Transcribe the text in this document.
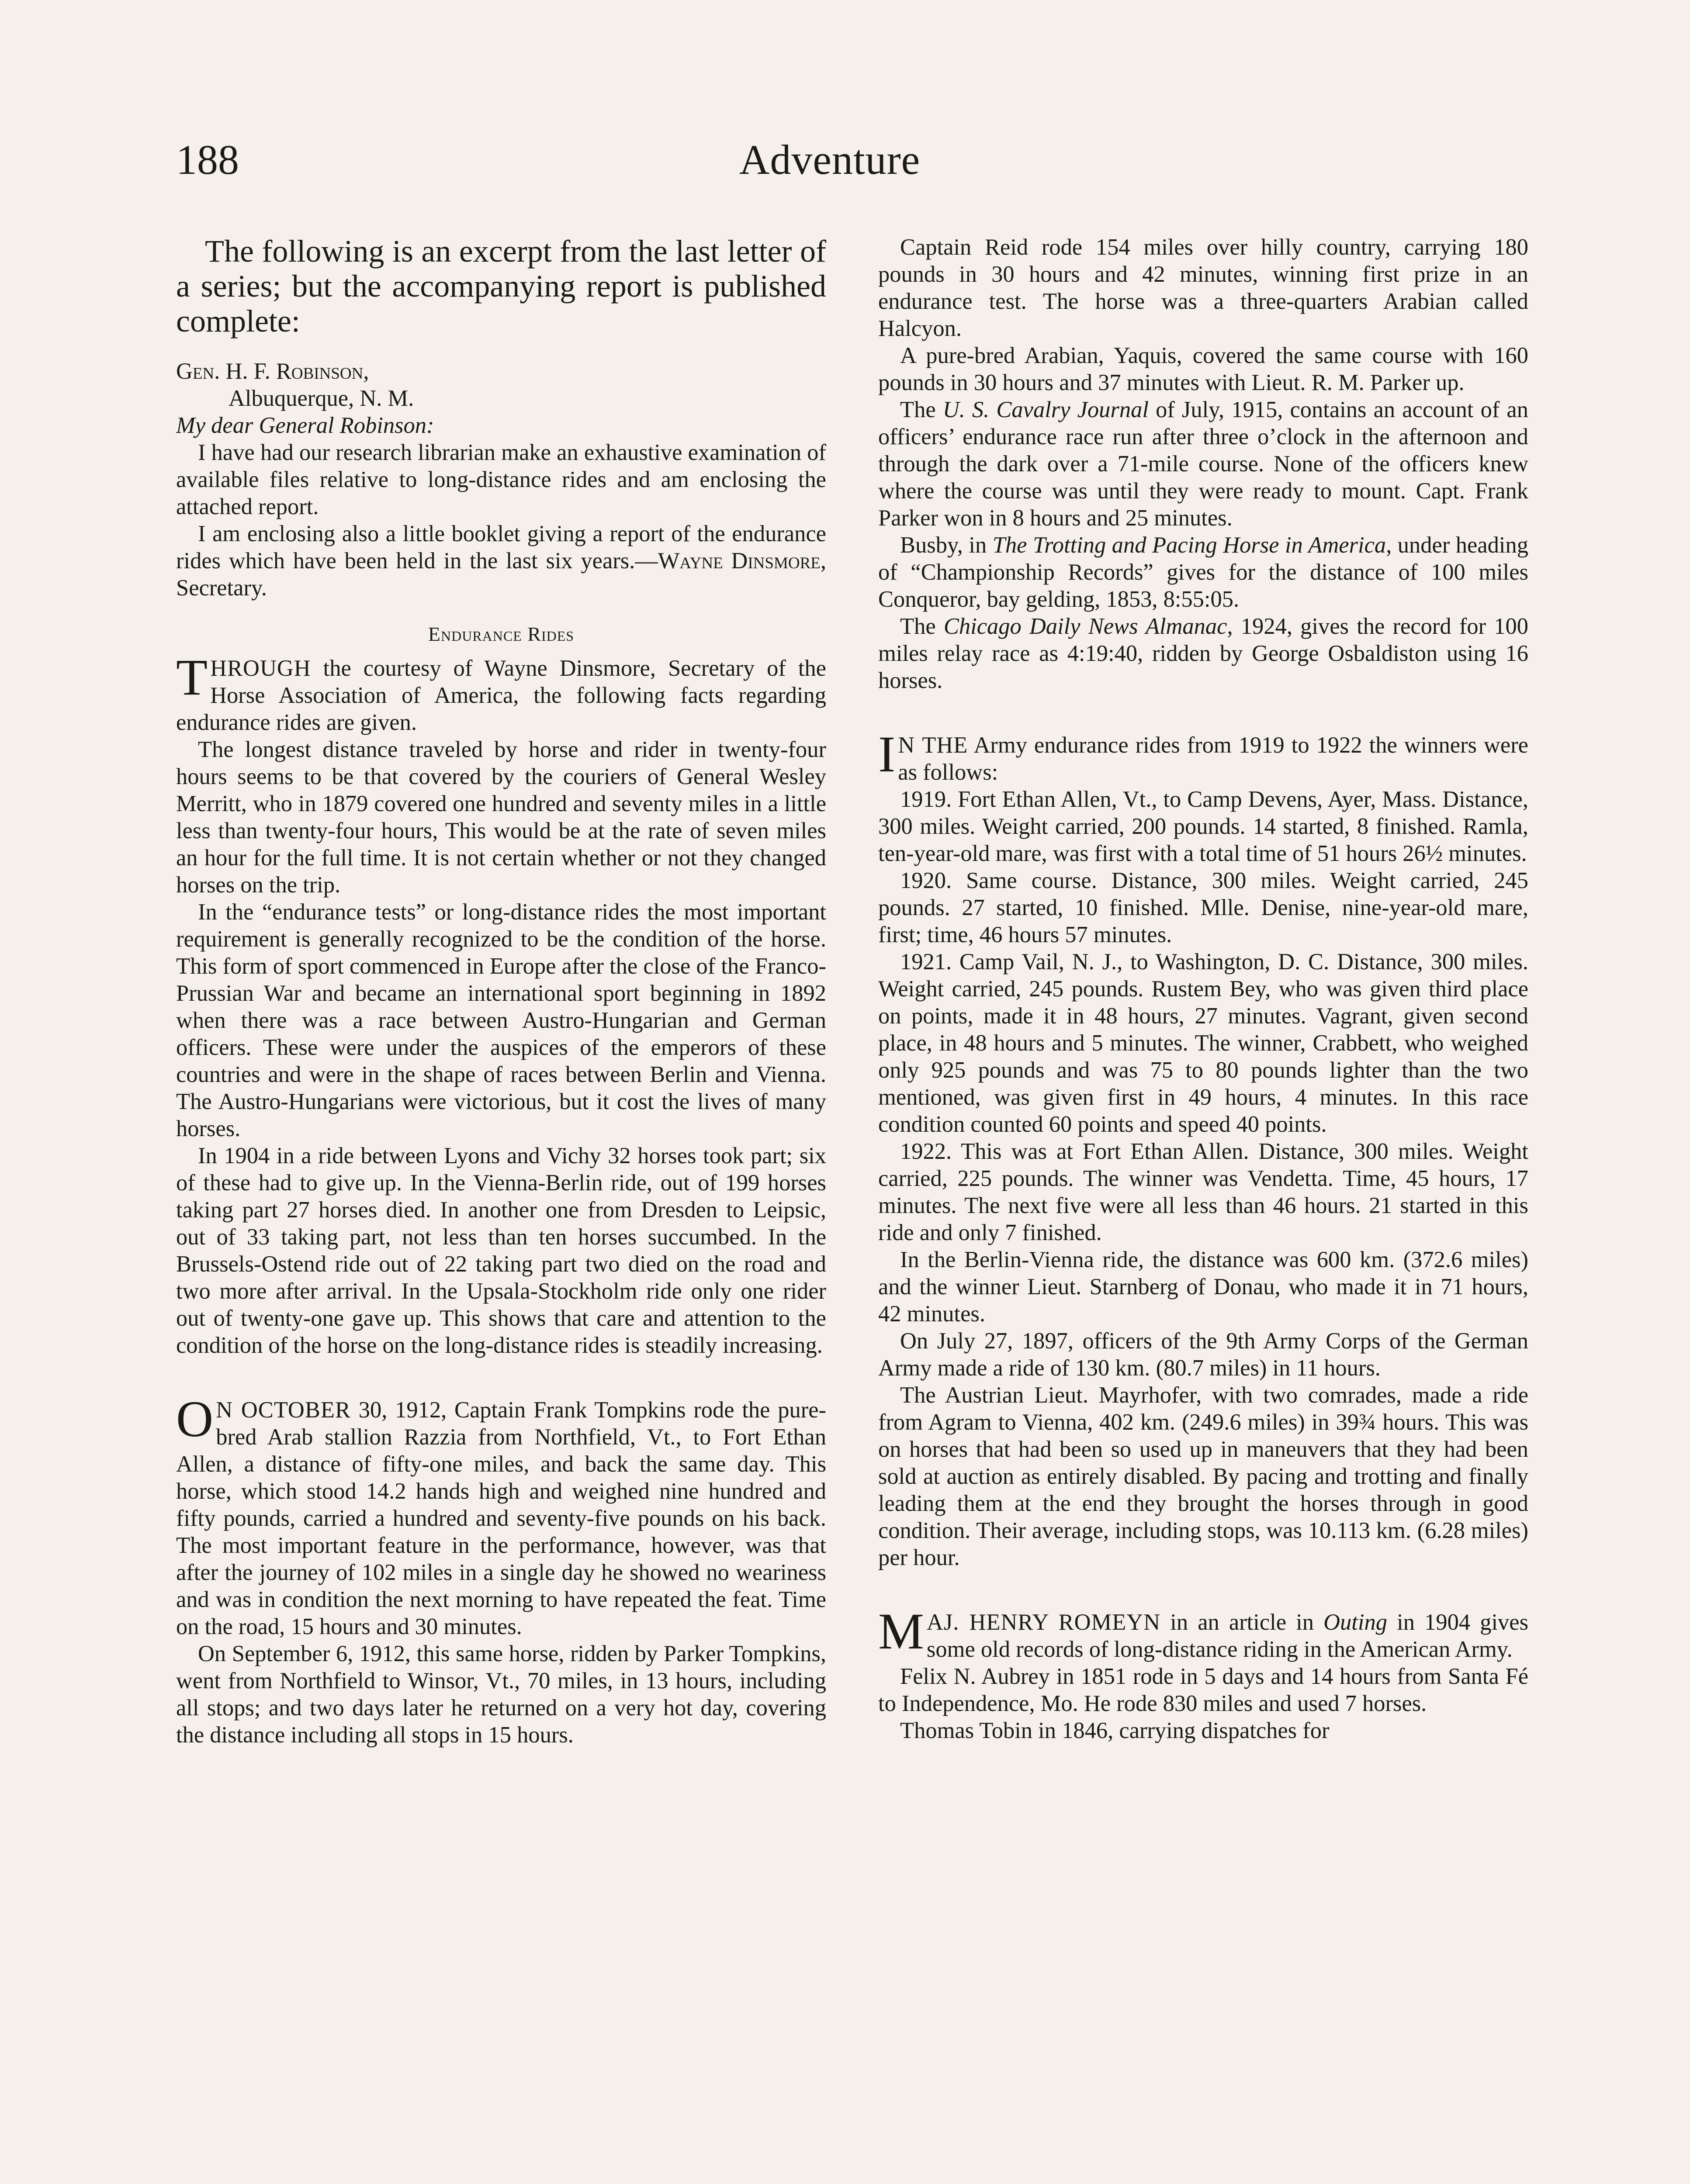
188	Adventure

The following is an excerpt from the last letter of a series; but the accompanying report is published complete:

Gen. H. F. Robinson,

Albuquerque, N. M.

My dear General Robinson:

I have had our research librarian make an exhaustive examination of available files relative to long-distance rides and am enclosing the attached report.

I am enclosing also a little booklet giving a report of the endurance rides which have been held in the last six years.—Wayne Dinsmore, Secretary.

Endurance Rides

THROUGH the courtesy of Wayne Dinsmore, Secretary of the Horse Association of America, the following facts regarding endurance rides are given.

The longest distance traveled by horse and rider in twenty-four hours seems to be that covered by the couriers of General Wesley Merritt, who in 1879 covered one hundred and seventy miles in a little less than twenty-four hours, This would be at the rate of seven miles an hour for the full time. It is not certain whether or not they changed horses on the trip.

In the “endurance tests” or long-distance rides the most important requirement is generally recognized to be the condition of the horse. This form of sport commenced in Europe after the close of the Franco-Prussian War and became an international sport beginning in 1892 when there was a race between Austro-Hungarian and German officers. These were under the auspices of the emperors of these countries and were in the shape of races between Berlin and Vienna. The Austro-Hungarians were victorious, but it cost the lives of many horses.

In 1904 in a ride between Lyons and Vichy 32 horses took part; six of these had to give up. In the Vienna-Berlin ride, out of 199 horses taking part 27 horses died. In another one from Dresden to Leipsic, out of 33 taking part, not less than ten horses succumbed. In the Brussels-Ostend ride out of 22 taking part two died on the road and two more after arrival. In the Upsala-Stockholm ride only one rider out of twenty-one gave up. This shows that care and attention to the condition of the horse on the long-distance rides is steadily increasing.

O N OCTOBER 30, 1912, Captain Frank Tompkins rode the pure-bred Arab stallion Razzia from Northfield, Vt., to Fort Ethan Allen, a distance of fifty-one miles, and back the same day. This horse, which stood 14.2 hands high and weighed nine hundred and fifty pounds, carried a hundred and seventy-five pounds on his back. The most important feature in the performance, however, was that after the journey of 102 miles in a single day he showed no weariness and was in condition the next morning to have repeated the feat. Time on the road, 15 hours and 30 minutes.

On September 6, 1912, this same horse, ridden by Parker Tompkins, went from Northfield to Winsor, Vt., 70 miles, in 13 hours, including all stops; and two days later he returned on a very hot day, covering the distance including all stops in 15 hours.

Captain Reid rode 154 miles over hilly country, carrying 180 pounds in 30 hours and 42 minutes, winning first prize in an endurance test. The horse was a three-quarters Arabian called Halcyon.

A pure-bred Arabian, Yaquis, covered the same course with 160 pounds in 30 hours and 37 minutes with Lieut. R. M. Parker up.

The U. S. Cavalry Journal of July, 1915, contains an account of an officers’ endurance race run after three o’clock in the afternoon and through the dark over a 71-mile course. None of the officers knew where the course was until they were ready to mount. Capt. Frank Parker won in 8 hours and 25 minutes.

Busby, in The Trotting and Pacing Horse in America, under heading of “Championship Records” gives for the distance of 100 miles Conqueror, bay gelding, 1853, 8:55:05.

The Chicago Daily News Almanac, 1924, gives the record for 100 miles relay race as 4:19:40, ridden by George Osbaldiston using 16 horses.

I N THE Army endurance rides from 1919 to 1922 the winners were as follows:

1919. Fort Ethan Allen, Vt., to Camp Devens, Ayer, Mass. Distance, 300 miles. Weight carried, 200 pounds. 14 started, 8 finished. Ramla, ten-year-old mare, was first with a total time of 51 hours 26½ minutes.

1920. Same course. Distance, 300 miles. Weight carried, 245 pounds. 27 started, 10 finished. Mlle. Denise, nine-year-old mare, first; time, 46 hours 57 minutes.

1921. Camp Vail, N. J., to Washington, D. C. Distance, 300 miles. Weight carried, 245 pounds. Rustem Bey, who was given third place on points, made it in 48 hours, 27 minutes. Vagrant, given second place, in 48 hours and 5 minutes. The winner, Crabbett, who weighed only 925 pounds and was 75 to 80 pounds lighter than the two mentioned, was given first in 49 hours, 4 minutes. In this race condition counted 60 points and speed 40 points.

1922. This was at Fort Ethan Allen. Distance, 300 miles. Weight carried, 225 pounds. The winner was Vendetta. Time, 45 hours, 17 minutes. The next five were all less than 46 hours. 21 started in this ride and only 7 finished.

In the Berlin-Vienna ride, the distance was 600 km. (372.6 miles) and the winner Lieut. Starnberg of Donau, who made it in 71 hours, 42 minutes.

On July 27, 1897, officers of the 9th Army Corps of the German Army made a ride of 130 km. (80.7 miles) in 11 hours.

The Austrian Lieut. Mayrhofer, with two comrades, made a ride from Agram to Vienna, 402 km. (249.6 miles) in 39¾ hours. This was on horses that had been so used up in maneuvers that they had been sold at auction as entirely disabled. By pacing and trotting and finally leading them at the end they brought the horses through in good condition. Their average, including stops, was 10.113 km. (6.28 miles) per hour.

MAJ. HENRY ROMEYN in an article in Outing in 1904 gives some old records of long-distance riding in the American Army.

Felix N. Aubrey in 1851 rode in 5 days and 14 hours from Santa Fé to Independence, Mo. He rode 830 miles and used 7 horses.

Thomas Tobin in 1846, carrying dispatches for
